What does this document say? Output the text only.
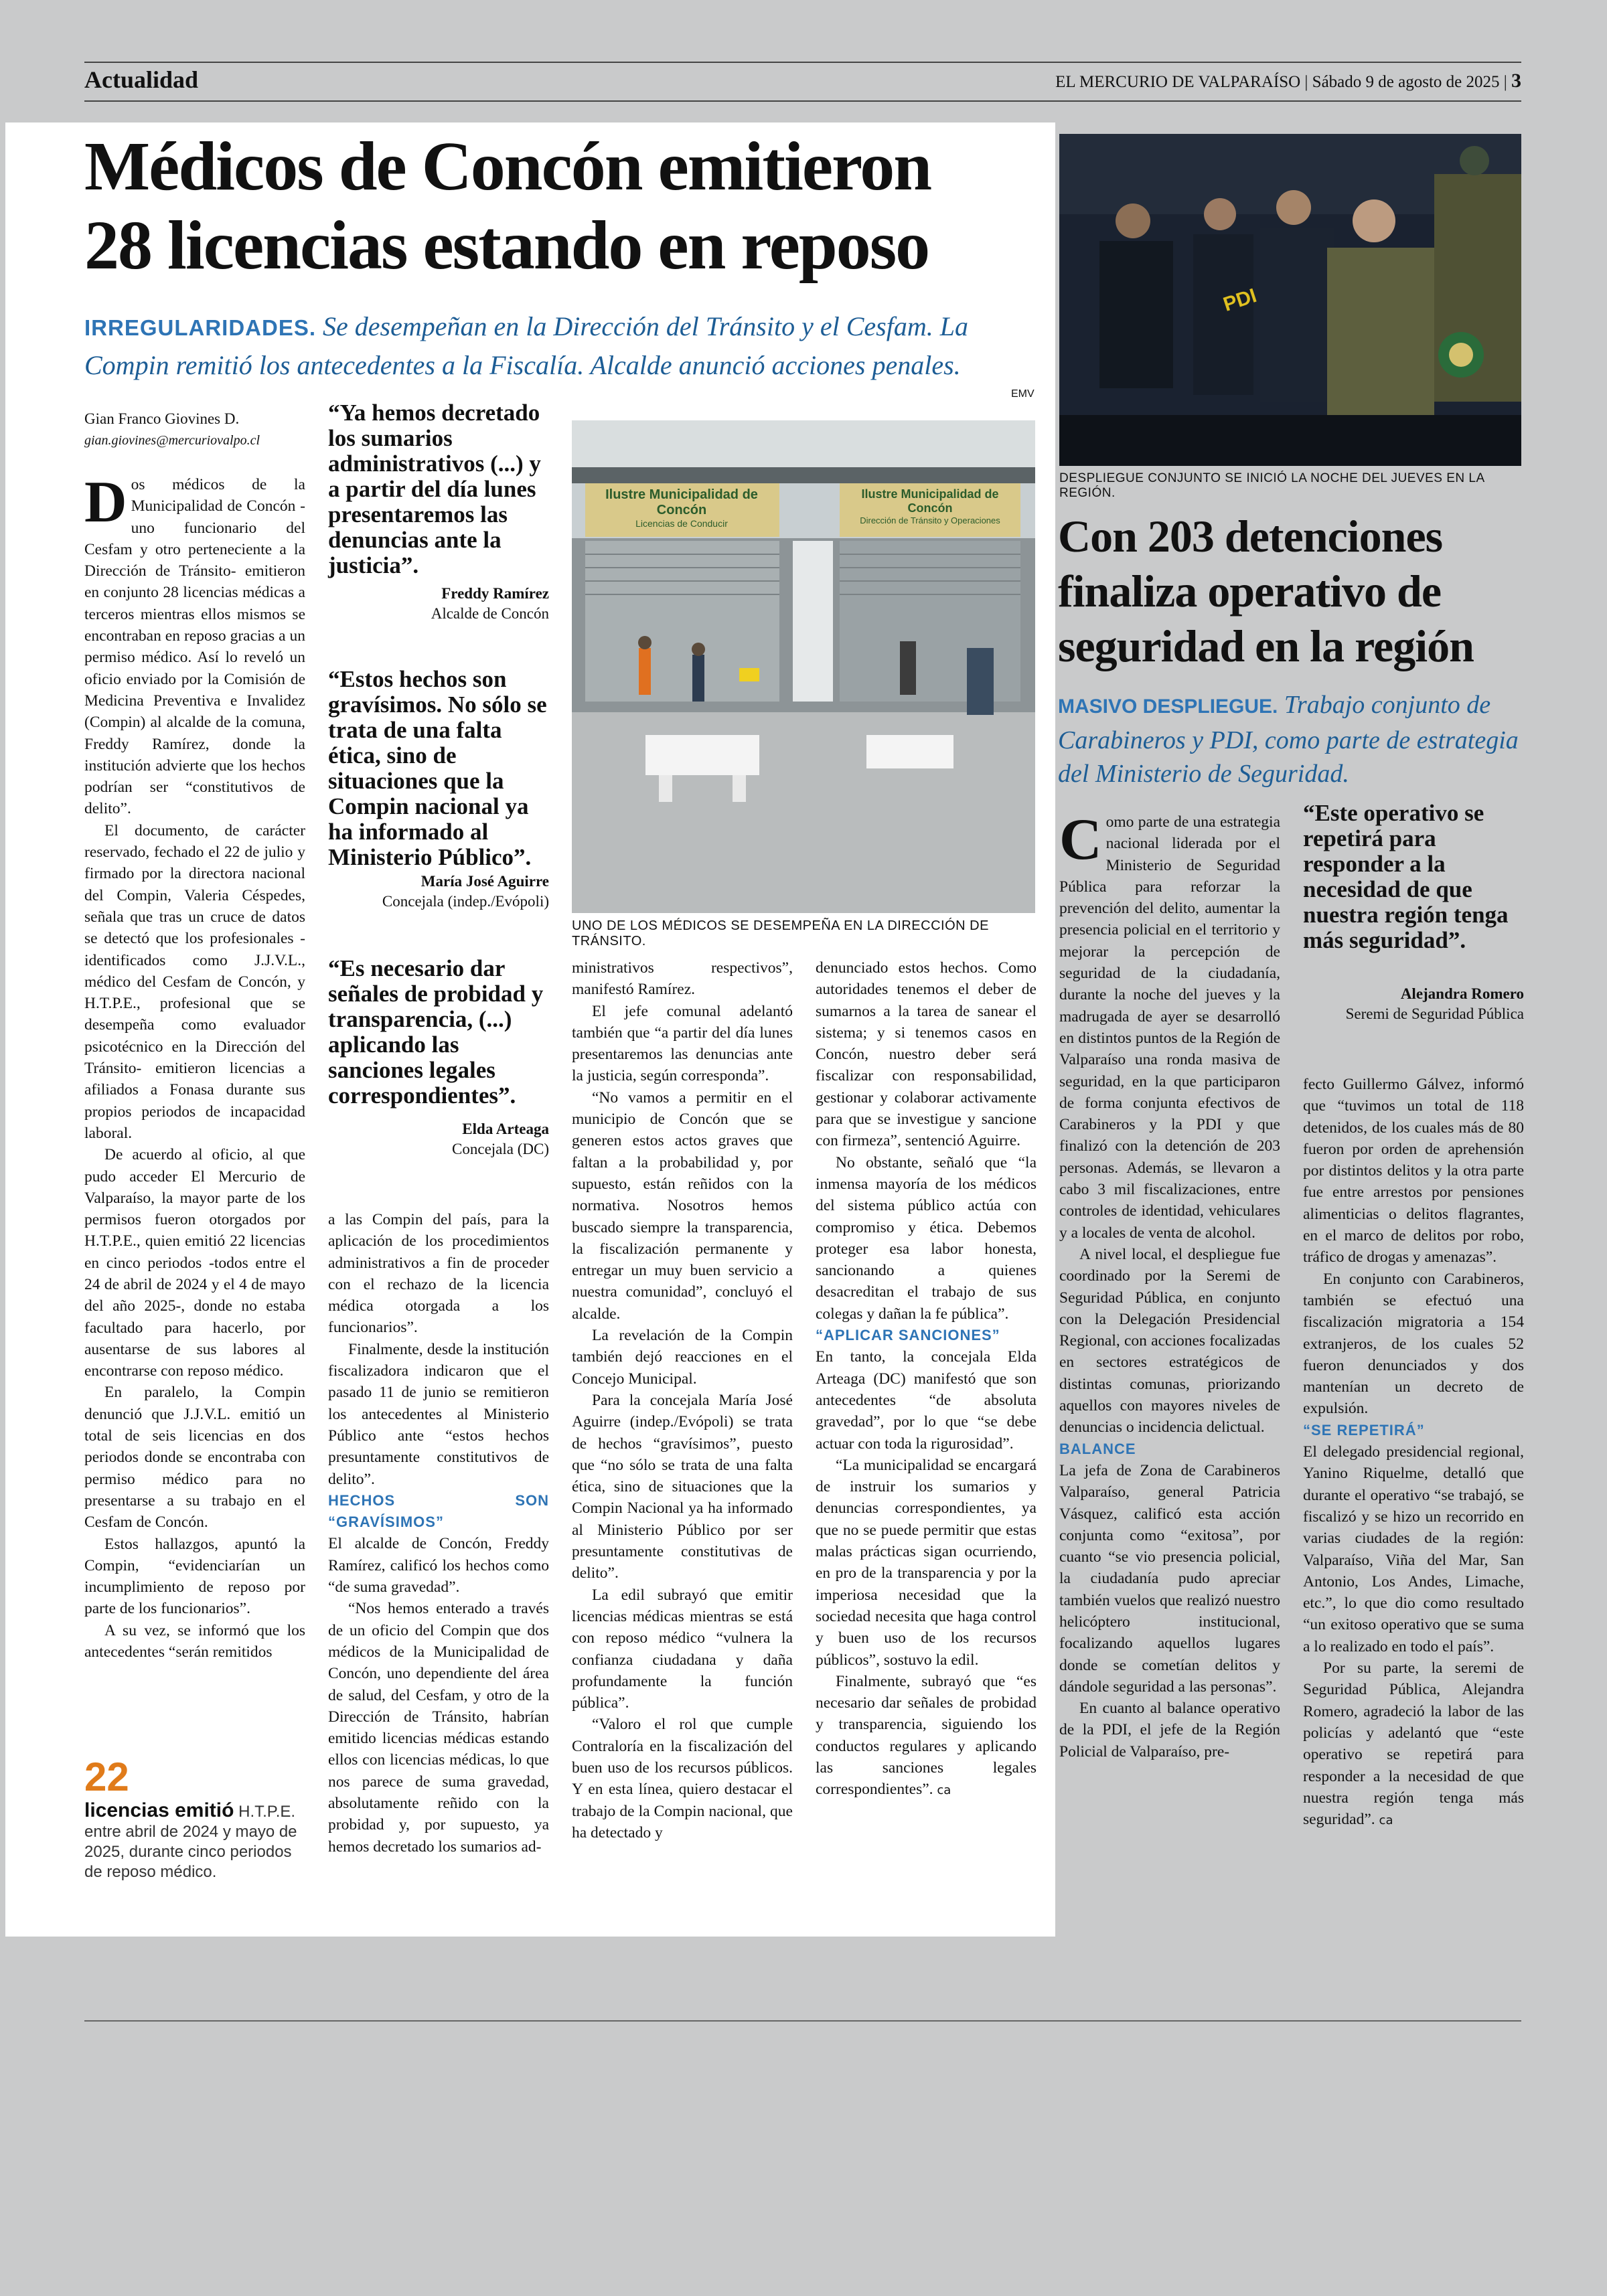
Actualidad	EL MERCURIO DE VALPARAÍSO | Sábado 9 de agosto de 2025 | 3
Médicos de Concón emitieron
28 licencias estando en reposo
IRREGULARIDADES. Se desempeñan en la Dirección del Tránsito y el Cesfam. La Compin remitió los antecedentes a la Fiscalía. Alcalde anunció acciones penales.
Gian Franco Giovines D.
gian.giovines@mercuriovalpo.cl

Dos médicos de la Municipalidad de Concón -uno funcionario del Cesfam y otro perteneciente a la Dirección de Tránsito- emitieron en conjunto 28 licencias médicas a terceros mientras ellos mismos se encontraban en reposo gracias a un permiso médico. Así lo reveló un oficio enviado por la Comisión de Medicina Preventiva e Invalidez (Compin) al alcalde de la comuna, Freddy Ramírez, donde la institución advierte que los hechos podrían ser “constitutivos de delito”.

El documento, de carácter reservado, fechado el 22 de julio y firmado por la directora nacional del Compin, Valeria Céspedes, señala que tras un cruce de datos se detectó que los profesionales -identificados como J.J.V.L., médico del Cesfam de Concón, y H.T.P.E., profesional que se desempeña como evaluador psicotécnico en la Dirección del Tránsito- emitieron licencias a afiliados a Fonasa durante sus propios periodos de incapacidad laboral.

De acuerdo al oficio, al que pudo acceder El Mercurio de Valparaíso, la mayor parte de los permisos fueron otorgados por H.T.P.E., quien emitió 22 licencias en cinco periodos -todos entre el 24 de abril de 2024 y el 4 de mayo del año 2025-, donde no estaba facultado para hacerlo, por ausentarse de sus labores al encontrarse con reposo médico.

En paralelo, la Compin denunció que J.J.V.L. emitió un total de seis licencias en dos periodos donde se encontraba con permiso médico para no presentarse a su trabajo en el Cesfam de Concón.

Estos hallazgos, apuntó la Compin, “evidenciarían un incumplimiento de reposo por parte de los funcionarios”.

A su vez, se informó que los antecedentes “serán remitidos

22
licencias emitió H.T.P.E. entre abril de 2024 y mayo de 2025, durante cinco periodos de reposo médico.
“Ya hemos decretado los sumarios administrativos (...) y a partir del día lunes presentaremos las denuncias ante la justicia”.
Freddy Ramírez
Alcalde de Concón
“Estos hechos son gravísimos. No sólo se trata de una falta ética, sino de situaciones que la Compin nacional ya ha informado al Ministerio Público”.
María José Aguirre
Concejala (indep./Evópoli)
“Es necesario dar señales de probidad y transparencia, (...) aplicando las sanciones legales correspondientes”.
Elda Arteaga
Concejala (DC)

a las Compin del país, para la aplicación de los procedimientos administrativos a fin de proceder con el rechazo de la licencia médica otorgada a los funcionarios”.

Finalmente, desde la institución fiscalizadora indicaron que el pasado 11 de junio se remitieron los antecedentes al Ministerio Público ante “estos hechos presuntamente constitutivos de delito”.

HECHOS SON “GRAVÍSIMOS”

El alcalde de Concón, Freddy Ramírez, calificó los hechos como “de suma gravedad”.

“Nos hemos enterado a través de un oficio del Compin que dos médicos de la Municipalidad de Concón, uno dependiente del área de salud, del Cesfam, y otro de la Dirección de Tránsito, habrían emitido licencias médicas estando ellos con licencias médicas, lo que nos parece de suma gravedad, absolutamente reñido con la probidad y, por supuesto, ya hemos decretado los sumarios ad-

EMV
Ilustre Municipalidad de Concón
Licencias de Conducir
Ilustre Municipalidad de Concón
Dirección de Tránsito y Operaciones
UNO DE LOS MÉDICOS SE DESEMPEÑA EN LA DIRECCIÓN DE TRÁNSITO.

ministrativos respectivos”, manifestó Ramírez.

El jefe comunal adelantó también que “a partir del día lunes presentaremos las denuncias ante la justicia, según corresponda”.

“No vamos a permitir en el municipio de Concón que se generen estos actos graves que faltan a la probabilidad y, por supuesto, están reñidos con la normativa. Nosotros hemos buscado siempre la transparencia, la fiscalización permanente y entregar un muy buen servicio a nuestra comunidad”, concluyó el alcalde.

La revelación de la Compin también dejó reacciones en el Concejo Municipal.

Para la concejala María José Aguirre (indep./Evópoli) se trata de hechos “gravísimos”, puesto que “no sólo se trata de una falta ética, sino de situaciones que la Compin Nacional ya ha informado al Ministerio Público por ser presuntamente constitutivas de delito”.

La edil subrayó que emitir licencias médicas mientras se está con reposo médico “vulnera la confianza ciudadana y daña profundamente la función pública”.

“Valoro el rol que cumple Contraloría en la fiscalización del buen uso de los recursos públicos. Y en esta línea, quiero destacar el trabajo de la Compin nacional, que ha detectado y

denunciado estos hechos. Como autoridades tenemos el deber de sumarnos a la tarea de sanear el sistema; y si tenemos casos en Concón, nuestro deber será fiscalizar con responsabilidad, gestionar y colaborar activamente para que se investigue y sancione con firmeza”, sentenció Aguirre.

No obstante, señaló que “la inmensa mayoría de los médicos del sistema público actúa con compromiso y ética. Debemos proteger esa labor honesta, sancionando a quienes desacreditan el trabajo de sus colegas y dañan la fe pública”.

“APLICAR SANCIONES”

En tanto, la concejala Elda Arteaga (DC) manifestó que son antecedentes “de absoluta gravedad”, por lo que “se debe actuar con toda la rigurosidad”.

“La municipalidad se encargará de instruir los sumarios y denuncias correspondientes, ya que no se puede permitir que estas malas prácticas sigan ocurriendo, en pro de la transparencia y por la imperiosa necesidad que la sociedad necesita que haga control y buen uso de los recursos públicos”, sostuvo la edil.

Finalmente, subrayó que “es necesario dar señales de probidad y transparencia, siguiendo los conductos regulares y aplicando las sanciones legales correspondientes”. ca

PDI
DESPLIEGUE CONJUNTO SE INICIÓ LA NOCHE DEL JUEVES EN LA REGIÓN.
Con 203 detenciones
finaliza operativo de
seguridad en la región
MASIVO DESPLIEGUE. Trabajo conjunto de Carabineros y PDI, como parte de estrategia del Ministerio de Seguridad.

Como parte de una estrategia nacional liderada por el Ministerio de Seguridad Pública para reforzar la prevención del delito, aumentar la presencia policial en el territorio y mejorar la percepción de seguridad de la ciudadanía, durante la noche del jueves y la madrugada de ayer se desarrolló en distintos puntos de la Región de Valparaíso una ronda masiva de seguridad, en la que participaron de forma conjunta efectivos de Carabineros y la PDI y que finalizó con la detención de 203 personas. Además, se llevaron a cabo 3 mil fiscalizaciones, entre controles de identidad, vehiculares y a locales de venta de alcohol.

A nivel local, el despliegue fue coordinado por la Seremi de Seguridad Pública, en conjunto con la Delegación Presidencial Regional, con acciones focalizadas en sectores estratégicos de distintas comunas, priorizando aquellos con mayores niveles de denuncias o incidencia delictual.

BALANCE

La jefa de Zona de Carabineros Valparaíso, general Patricia Vásquez, calificó esta acción conjunta como “exitosa”, por cuanto “se vio presencia policial, la ciudadanía pudo apreciar también vuelos que realizó nuestro helicóptero institucional, focalizando aquellos lugares donde se cometían delitos y dándole seguridad a las personas”.

En cuanto al balance operativo de la PDI, el jefe de la Región Policial de Valparaíso, pre-

“Este operativo se repetirá para responder a la necesidad de que nuestra región tenga más seguridad”.
Alejandra Romero
Seremi de Seguridad Pública

fecto Guillermo Gálvez, informó que “tuvimos un total de 118 detenidos, de los cuales más de 80 fueron por orden de aprehensión por distintos delitos y la otra parte fue entre arrestos por pensiones alimenticias o delitos flagrantes, en el marco de delitos por robo, tráfico de drogas y amenazas”.

En conjunto con Carabineros, también se efectuó una fiscalización migratoria a 154 extranjeros, de los cuales 52 fueron denunciados y dos mantenían un decreto de expulsión.

“SE REPETIRÁ”

El delegado presidencial regional, Yanino Riquelme, detalló que durante el operativo “se trabajó, se fiscalizó y se hizo un recorrido en varias ciudades de la región: Valparaíso, Viña del Mar, San Antonio, Los Andes, Limache, etc.”, lo que dio como resultado “un exitoso operativo que se suma a lo realizado en todo el país”.

Por su parte, la seremi de Seguridad Pública, Alejandra Romero, agradeció la labor de las policías y adelantó que “este operativo se repetirá para responder a la necesidad de que nuestra región tenga más seguridad”. ca
